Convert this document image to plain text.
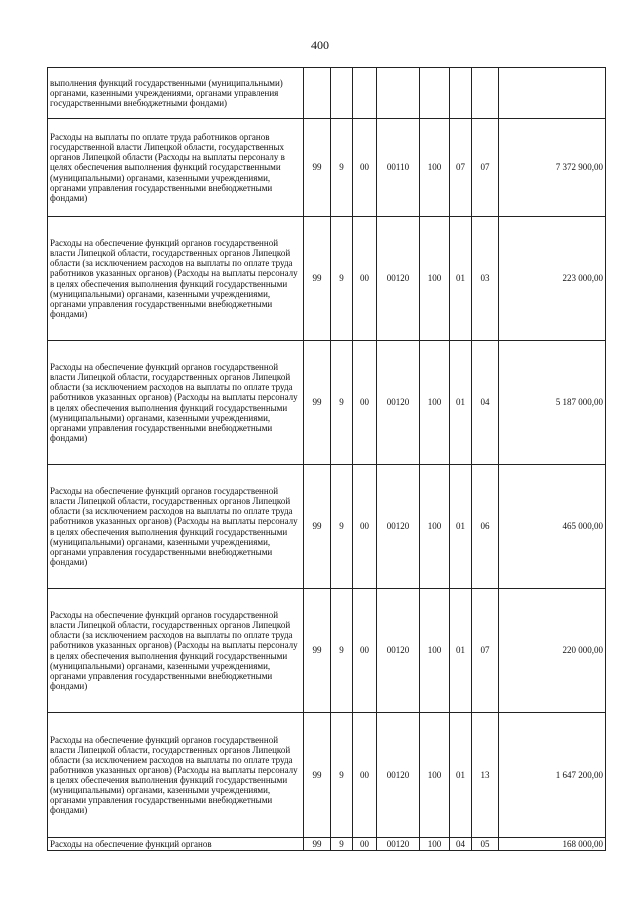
400
выполнения функций государственными (муниципальными) органами, казенными учреждениями, органами управления государственными внебюджетными фондами)								
Расходы на выплаты по оплате труда работников органов государственной власти Липецкой области, государственных органов Липецкой области (Расходы на выплаты персоналу в целях обеспечения выполнения функций государственными (муниципальными) органами, казенными учреждениями, органами управления государственными внебюджетными фондами)	99	9	00	00110	100	07	07	7 372 900,00
Расходы на обеспечение функций органов государственной власти Липецкой области, государственных органов Липецкой области (за исключением расходов на выплаты по оплате труда работников указанных органов) (Расходы на выплаты персоналу в целях обеспечения выполнения функций государственными (муниципальными) органами, казенными учреждениями, органами управления государственными внебюджетными фондами)	99	9	00	00120	100	01	03	223 000,00
Расходы на обеспечение функций органов государственной власти Липецкой области, государственных органов Липецкой области (за исключением расходов на выплаты по оплате труда работников указанных органов) (Расходы на выплаты персоналу в целях обеспечения выполнения функций государственными (муниципальными) органами, казенными учреждениями, органами управления государственными внебюджетными фондами)	99	9	00	00120	100	01	04	5 187 000,00
Расходы на обеспечение функций органов государственной власти Липецкой области, государственных органов Липецкой области (за исключением расходов на выплаты по оплате труда работников указанных органов) (Расходы на выплаты персоналу в целях обеспечения выполнения функций государственными (муниципальными) органами, казенными учреждениями, органами управления государственными внебюджетными фондами)	99	9	00	00120	100	01	06	465 000,00
Расходы на обеспечение функций органов государственной власти Липецкой области, государственных органов Липецкой области (за исключением расходов на выплаты по оплате труда работников указанных органов) (Расходы на выплаты персоналу в целях обеспечения выполнения функций государственными (муниципальными) органами, казенными учреждениями, органами управления государственными внебюджетными фондами)	99	9	00	00120	100	01	07	220 000,00
Расходы на обеспечение функций органов государственной власти Липецкой области, государственных органов Липецкой области (за исключением расходов на выплаты по оплате труда работников указанных органов) (Расходы на выплаты персоналу в целях обеспечения выполнения функций государственными (муниципальными) органами, казенными учреждениями, органами управления государственными внебюджетными фондами)	99	9	00	00120	100	01	13	1 647 200,00
Расходы на обеспечение функций органов	99	9	00	00120	100	04	05	168 000,00
